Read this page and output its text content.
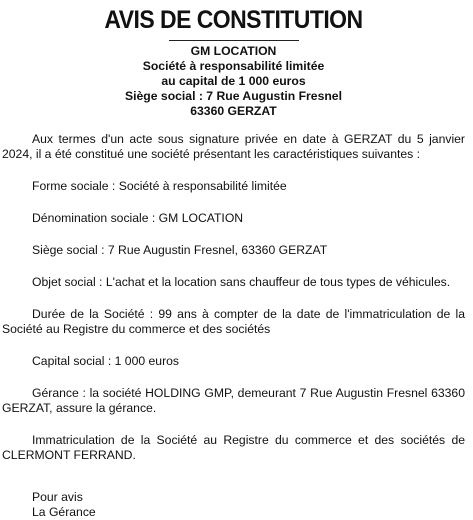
AVIS DE CONSTITUTION
GM LOCATION
Société à responsabilité limitée
au capital de 1 000 euros
Siège social : 7 Rue Augustin Fresnel
63360 GERZAT

Aux termes d'un acte sous signature privée en date à GERZAT du 5 janvier 2024, il a été constitué une société présentant les caractéristiques suivantes :

Forme sociale : Société à responsabilité limitée

Dénomination sociale : GM LOCATION

Siège social : 7 Rue Augustin Fresnel, 63360 GERZAT

Objet social : L'achat et la location sans chauffeur de tous types de véhicules.

Durée de la Société : 99 ans à compter de la date de l'immatriculation de la Société au Registre du commerce et des sociétés

Capital social : 1 000 euros

Gérance : la société HOLDING GMP, demeurant 7 Rue Augustin Fresnel 63360 GERZAT, assure la gérance.

Immatriculation de la Société au Registre du commerce et des sociétés de CLERMONT FERRAND.

Pour avis
La Gérance
